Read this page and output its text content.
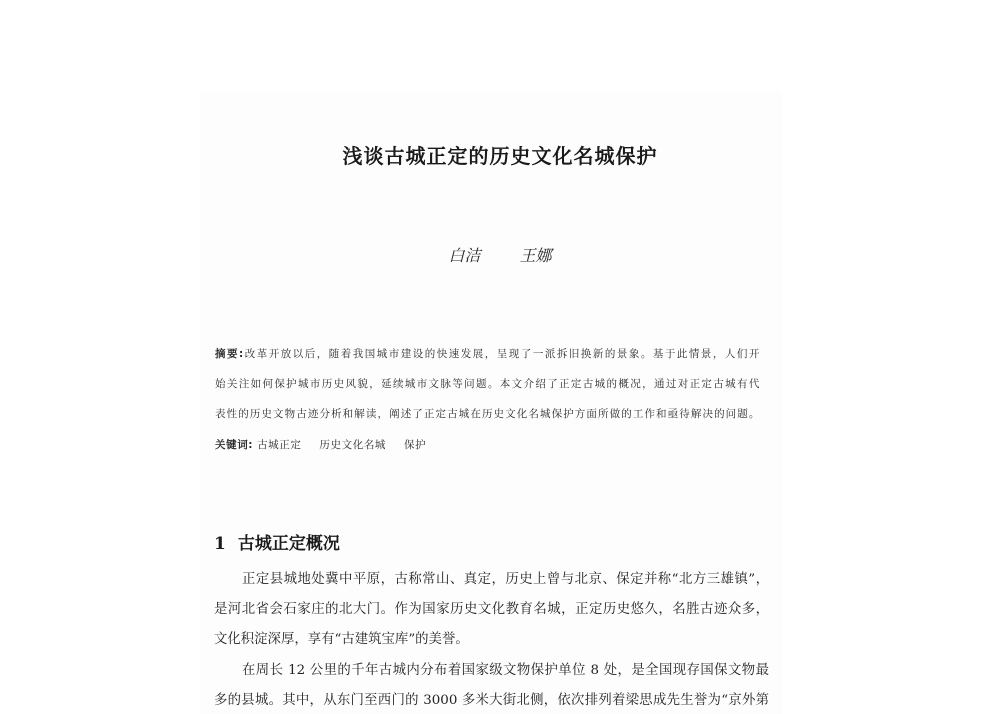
浅谈古城正定的历史文化名城保护
白洁 王娜
摘要:改革开放以后，随着我国城市建设的快速发展，呈现了一派拆旧换新的景象。基于此情景，人们开
始关注如何保护城市历史风貌，延续城市文脉等问题。本文介绍了正定古城的概况，通过对正定古城有代
表性的历史文物古迹分析和解读，阐述了正定古城在历史文化名城保护方面所做的工作和亟待解决的问题。
关键词: 古城正定 历史文化名城 保护
1 古城正定概况
正定县城地处冀中平原，古称常山、真定，历史上曾与北京、保定并称“北方三雄镇”，
是河北省会石家庄的北大门。作为国家历史文化教育名城，正定历史悠久，名胜古迹众多，
文化积淀深厚，享有“古建筑宝库”的美誉。
在周长 12 公里的千年古城内分布着国家级文物保护单位 8 处，是全国现存国保文物最
多的县城。其中，从东门至西门的 3000 多米大街北侧，依次排列着梁思成先生誉为“京外第
